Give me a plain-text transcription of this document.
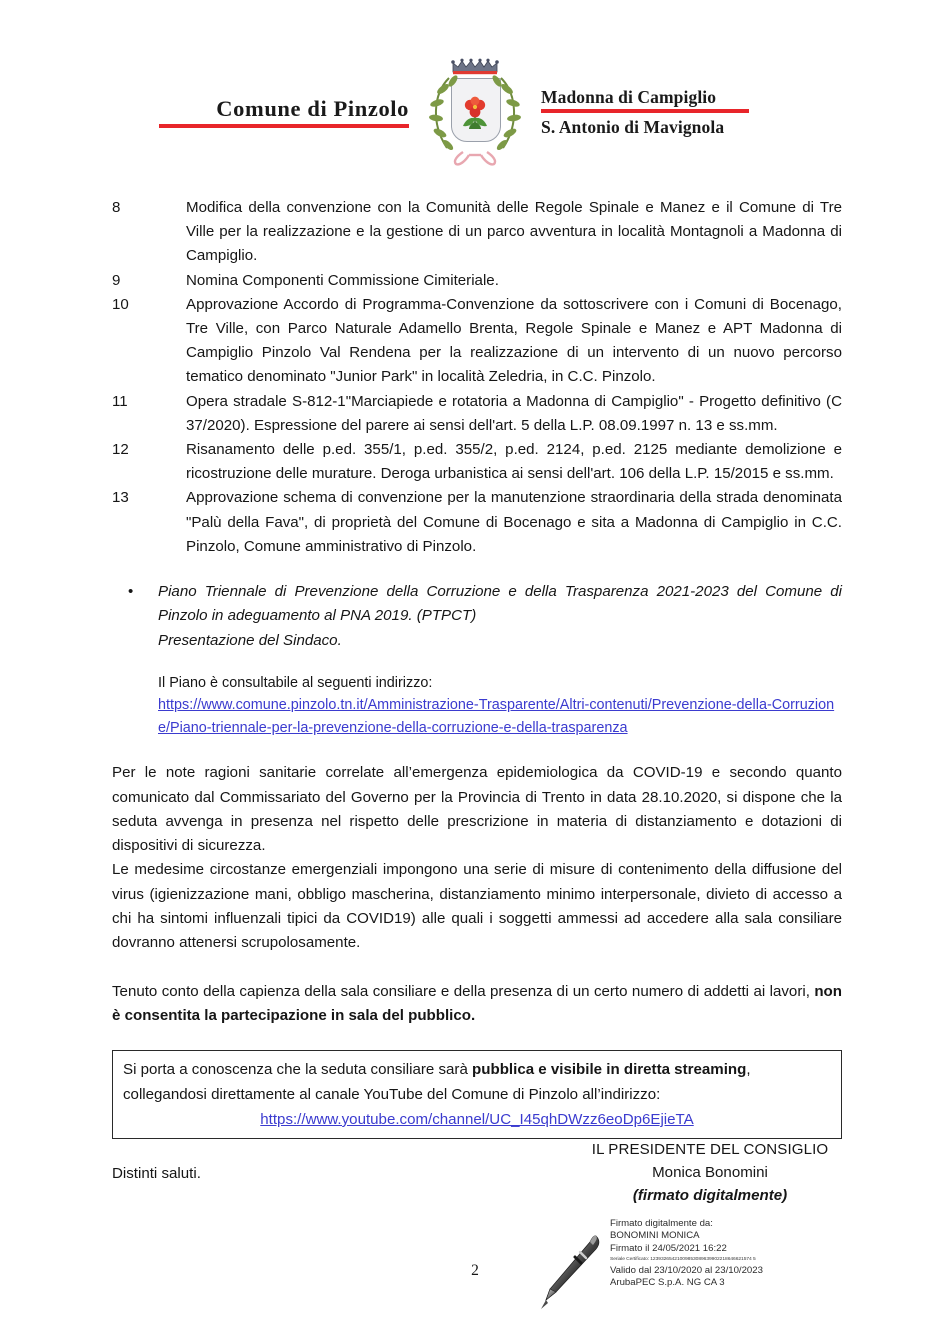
Comune di Pinzolo	Madonna di Campiglio
S. Antonio di Mavignola
8	Modifica della convenzione con la Comunità delle Regole Spinale e Manez e il Comune di Tre Ville per la realizzazione e la gestione di un parco avventura in località Montagnoli a Madonna di Campiglio.
9	Nomina Componenti Commissione Cimiteriale.
10	Approvazione Accordo di Programma-Convenzione da sottoscrivere con i Comuni di Bocenago, Tre Ville, con Parco Naturale Adamello Brenta, Regole Spinale e Manez e APT Madonna di Campiglio Pinzolo Val Rendena per la realizzazione di un intervento di un nuovo percorso tematico denominato "Junior Park" in località Zeledria, in C.C. Pinzolo.
11	Opera stradale S-812-1"Marciapiede e rotatoria a Madonna di Campiglio" - Progetto definitivo (C 37/2020). Espressione del parere ai sensi dell'art. 5 della L.P. 08.09.1997 n. 13 e ss.mm.
12	Risanamento delle p.ed. 355/1, p.ed. 355/2, p.ed. 2124, p.ed. 2125 mediante demolizione e ricostruzione delle murature. Deroga urbanistica ai sensi dell'art. 106 della L.P. 15/2015 e ss.mm.
13	Approvazione schema di convenzione per la manutenzione straordinaria della strada denominata "Palù della Fava", di proprietà del Comune di Bocenago e sita a Madonna di Campiglio in C.C. Pinzolo, Comune amministrativo di Pinzolo.
•	Piano Triennale di Prevenzione della Corruzione e della Trasparenza 2021-2023 del Comune di Pinzolo in adeguamento al PNA 2019. (PTPCT)
Presentazione del Sindaco.
Il Piano è consultabile al seguenti indirizzo:
https://www.comune.pinzolo.tn.it/Amministrazione-Trasparente/Altri-contenuti/Prevenzione-della-Corruzione/Piano-triennale-per-la-prevenzione-della-corruzione-e-della-trasparenza
Per le note ragioni sanitarie correlate all’emergenza epidemiologica da COVID-19 e secondo quanto comunicato dal Commissariato del Governo per la Provincia di Trento in data 28.10.2020, si dispone che la seduta avvenga in presenza nel rispetto delle prescrizione in materia di distanziamento e dotazioni di dispositivi di sicurezza.
Le medesime circostanze emergenziali impongono una serie di misure di contenimento della diffusione del virus (igienizzazione mani, obbligo mascherina, distanziamento minimo interpersonale, divieto di accesso a chi ha sintomi influenzali tipici da COVID19) alle quali i soggetti ammessi ad accedere alla sala consiliare dovranno attenersi scrupolosamente.
Tenuto conto della capienza della sala consiliare e della presenza di un certo numero di addetti ai lavori, non è consentita la partecipazione in sala del pubblico.
Si porta a conoscenza che la seduta consiliare sarà pubblica e visibile in diretta streaming,
collegandosi direttamente al canale YouTube del Comune di Pinzolo all’indirizzo:
https://www.youtube.com/channel/UC_I45qhDWzz6eoDp6EjieTA
Distinti saluti.
IL PRESIDENTE DEL CONSIGLIO
Monica Bonomini
(firmato digitalmente)
2
Firmato digitalmente da:
BONOMINI MONICA
Firmato il 24/05/2021 16:22
Seriale Certificato: 12393265421009853089639902218646621574 5
Valido dal 23/10/2020 al 23/10/2023
ArubaPEC S.p.A. NG CA 3
